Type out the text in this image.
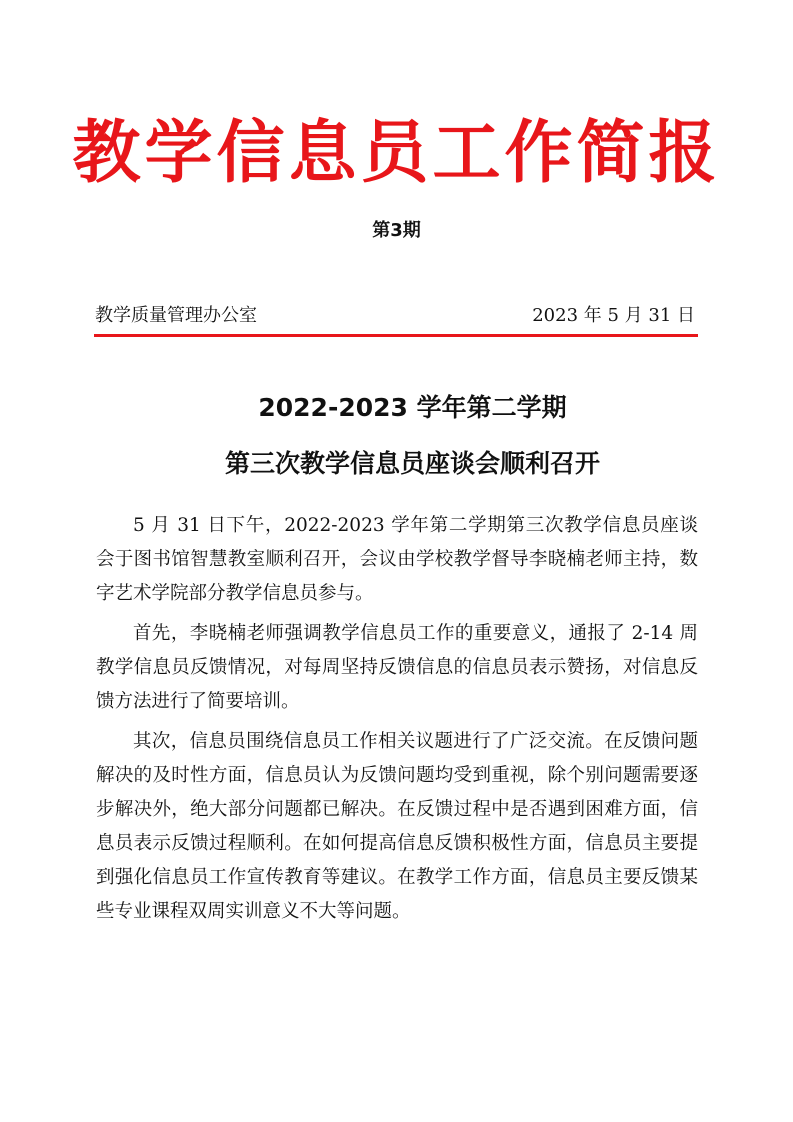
教学信息员工作简报
第3期
教学质量管理办公室	2023 年 5 月 31 日
2022-2023 学年第二学期
第三次教学信息员座谈会顺利召开

5 月 31 日下午，2022-2023 学年第二学期第三次教学信息员座谈会于图书馆智慧教室顺利召开，会议由学校教学督导李晓楠老师主持，数字艺术学院部分教学信息员参与。

首先，李晓楠老师强调教学信息员工作的重要意义，通报了 2-14 周教学信息员反馈情况，对每周坚持反馈信息的信息员表示赞扬，对信息反馈方法进行了简要培训。

其次，信息员围绕信息员工作相关议题进行了广泛交流。在反馈问题解决的及时性方面，信息员认为反馈问题均受到重视，除个别问题需要逐步解决外，绝大部分问题都已解决。在反馈过程中是否遇到困难方面，信息员表示反馈过程顺利。在如何提高信息反馈积极性方面，信息员主要提到强化信息员工作宣传教育等建议。在教学工作方面，信息员主要反馈某些专业课程双周实训意义不大等问题。
